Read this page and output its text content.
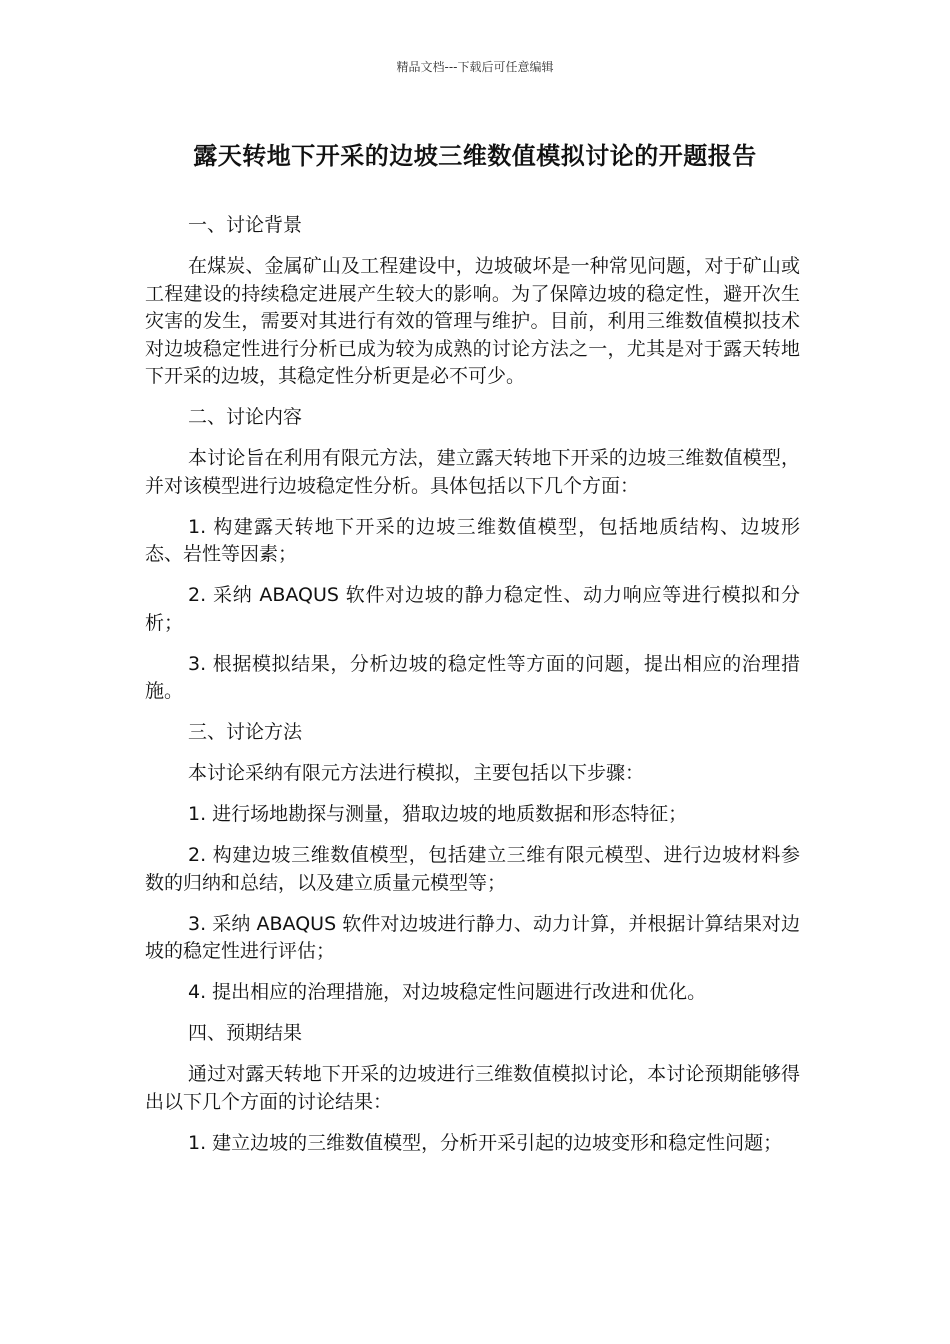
精品文档---下载后可任意编辑
露天转地下开采的边坡三维数值模拟讨论的开题报告

一、讨论背景

在煤炭、金属矿山及工程建设中，边坡破坏是一种常见问题，对于矿山或工程建设的持续稳定进展产生较大的影响。为了保障边坡的稳定性，避开次生灾害的发生，需要对其进行有效的管理与维护。目前，利用三维数值模拟技术对边坡稳定性进行分析已成为较为成熟的讨论方法之一，尤其是对于露天转地下开采的边坡，其稳定性分析更是必不可少。

二、讨论内容

本讨论旨在利用有限元方法，建立露天转地下开采的边坡三维数值模型，并对该模型进行边坡稳定性分析。具体包括以下几个方面：

1. 构建露天转地下开采的边坡三维数值模型，包括地质结构、边坡形态、岩性等因素；

2. 采纳 ABAQUS 软件对边坡的静力稳定性、动力响应等进行模拟和分析；

3. 根据模拟结果，分析边坡的稳定性等方面的问题，提出相应的治理措施。

三、讨论方法

本讨论采纳有限元方法进行模拟，主要包括以下步骤：

1. 进行场地勘探与测量，猎取边坡的地质数据和形态特征；

2. 构建边坡三维数值模型，包括建立三维有限元模型、进行边坡材料参数的归纳和总结，以及建立质量元模型等；

3. 采纳 ABAQUS 软件对边坡进行静力、动力计算，并根据计算结果对边坡的稳定性进行评估；

4. 提出相应的治理措施，对边坡稳定性问题进行改进和优化。

四、预期结果

通过对露天转地下开采的边坡进行三维数值模拟讨论，本讨论预期能够得出以下几个方面的讨论结果：

1. 建立边坡的三维数值模型，分析开采引起的边坡变形和稳定性问题；
